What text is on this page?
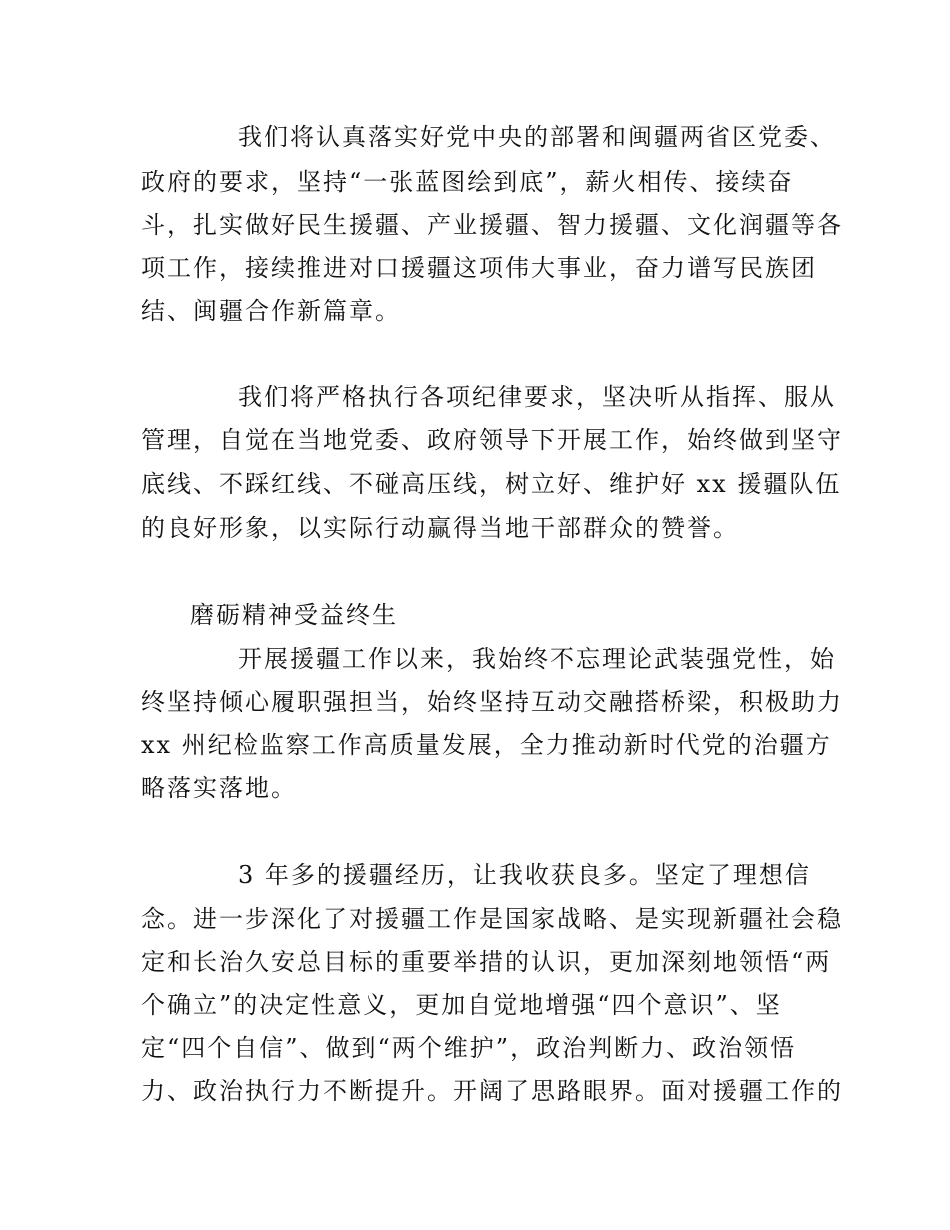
我们将认真落实好党中央的部署和闽疆两省区党委、
政府的要求，坚持“一张蓝图绘到底”，薪火相传、接续奋
斗，扎实做好民生援疆、产业援疆、智力援疆、文化润疆等各
项工作，接续推进对口援疆这项伟大事业，奋力谱写民族团
结、闽疆合作新篇章。
我们将严格执行各项纪律要求，坚决听从指挥、服从
管理，自觉在当地党委、政府领导下开展工作，始终做到坚守
底线、不踩红线、不碰高压线，树立好、维护好 xx 援疆队伍
的良好形象，以实际行动赢得当地干部群众的赞誉。
磨砺精神受益终生
开展援疆工作以来，我始终不忘理论武装强党性，始
终坚持倾心履职强担当，始终坚持互动交融搭桥梁，积极助力
xx 州纪检监察工作高质量发展，全力推动新时代党的治疆方
略落实落地。
3 年多的援疆经历，让我收获良多。坚定了理想信
念。进一步深化了对援疆工作是国家战略、是实现新疆社会稳
定和长治久安总目标的重要举措的认识，更加深刻地领悟“两
个确立”的决定性意义，更加自觉地增强“四个意识”、坚
定“四个自信”、做到“两个维护”，政治判断力、政治领悟
力、政治执行力不断提升。开阔了思路眼界。面对援疆工作的
